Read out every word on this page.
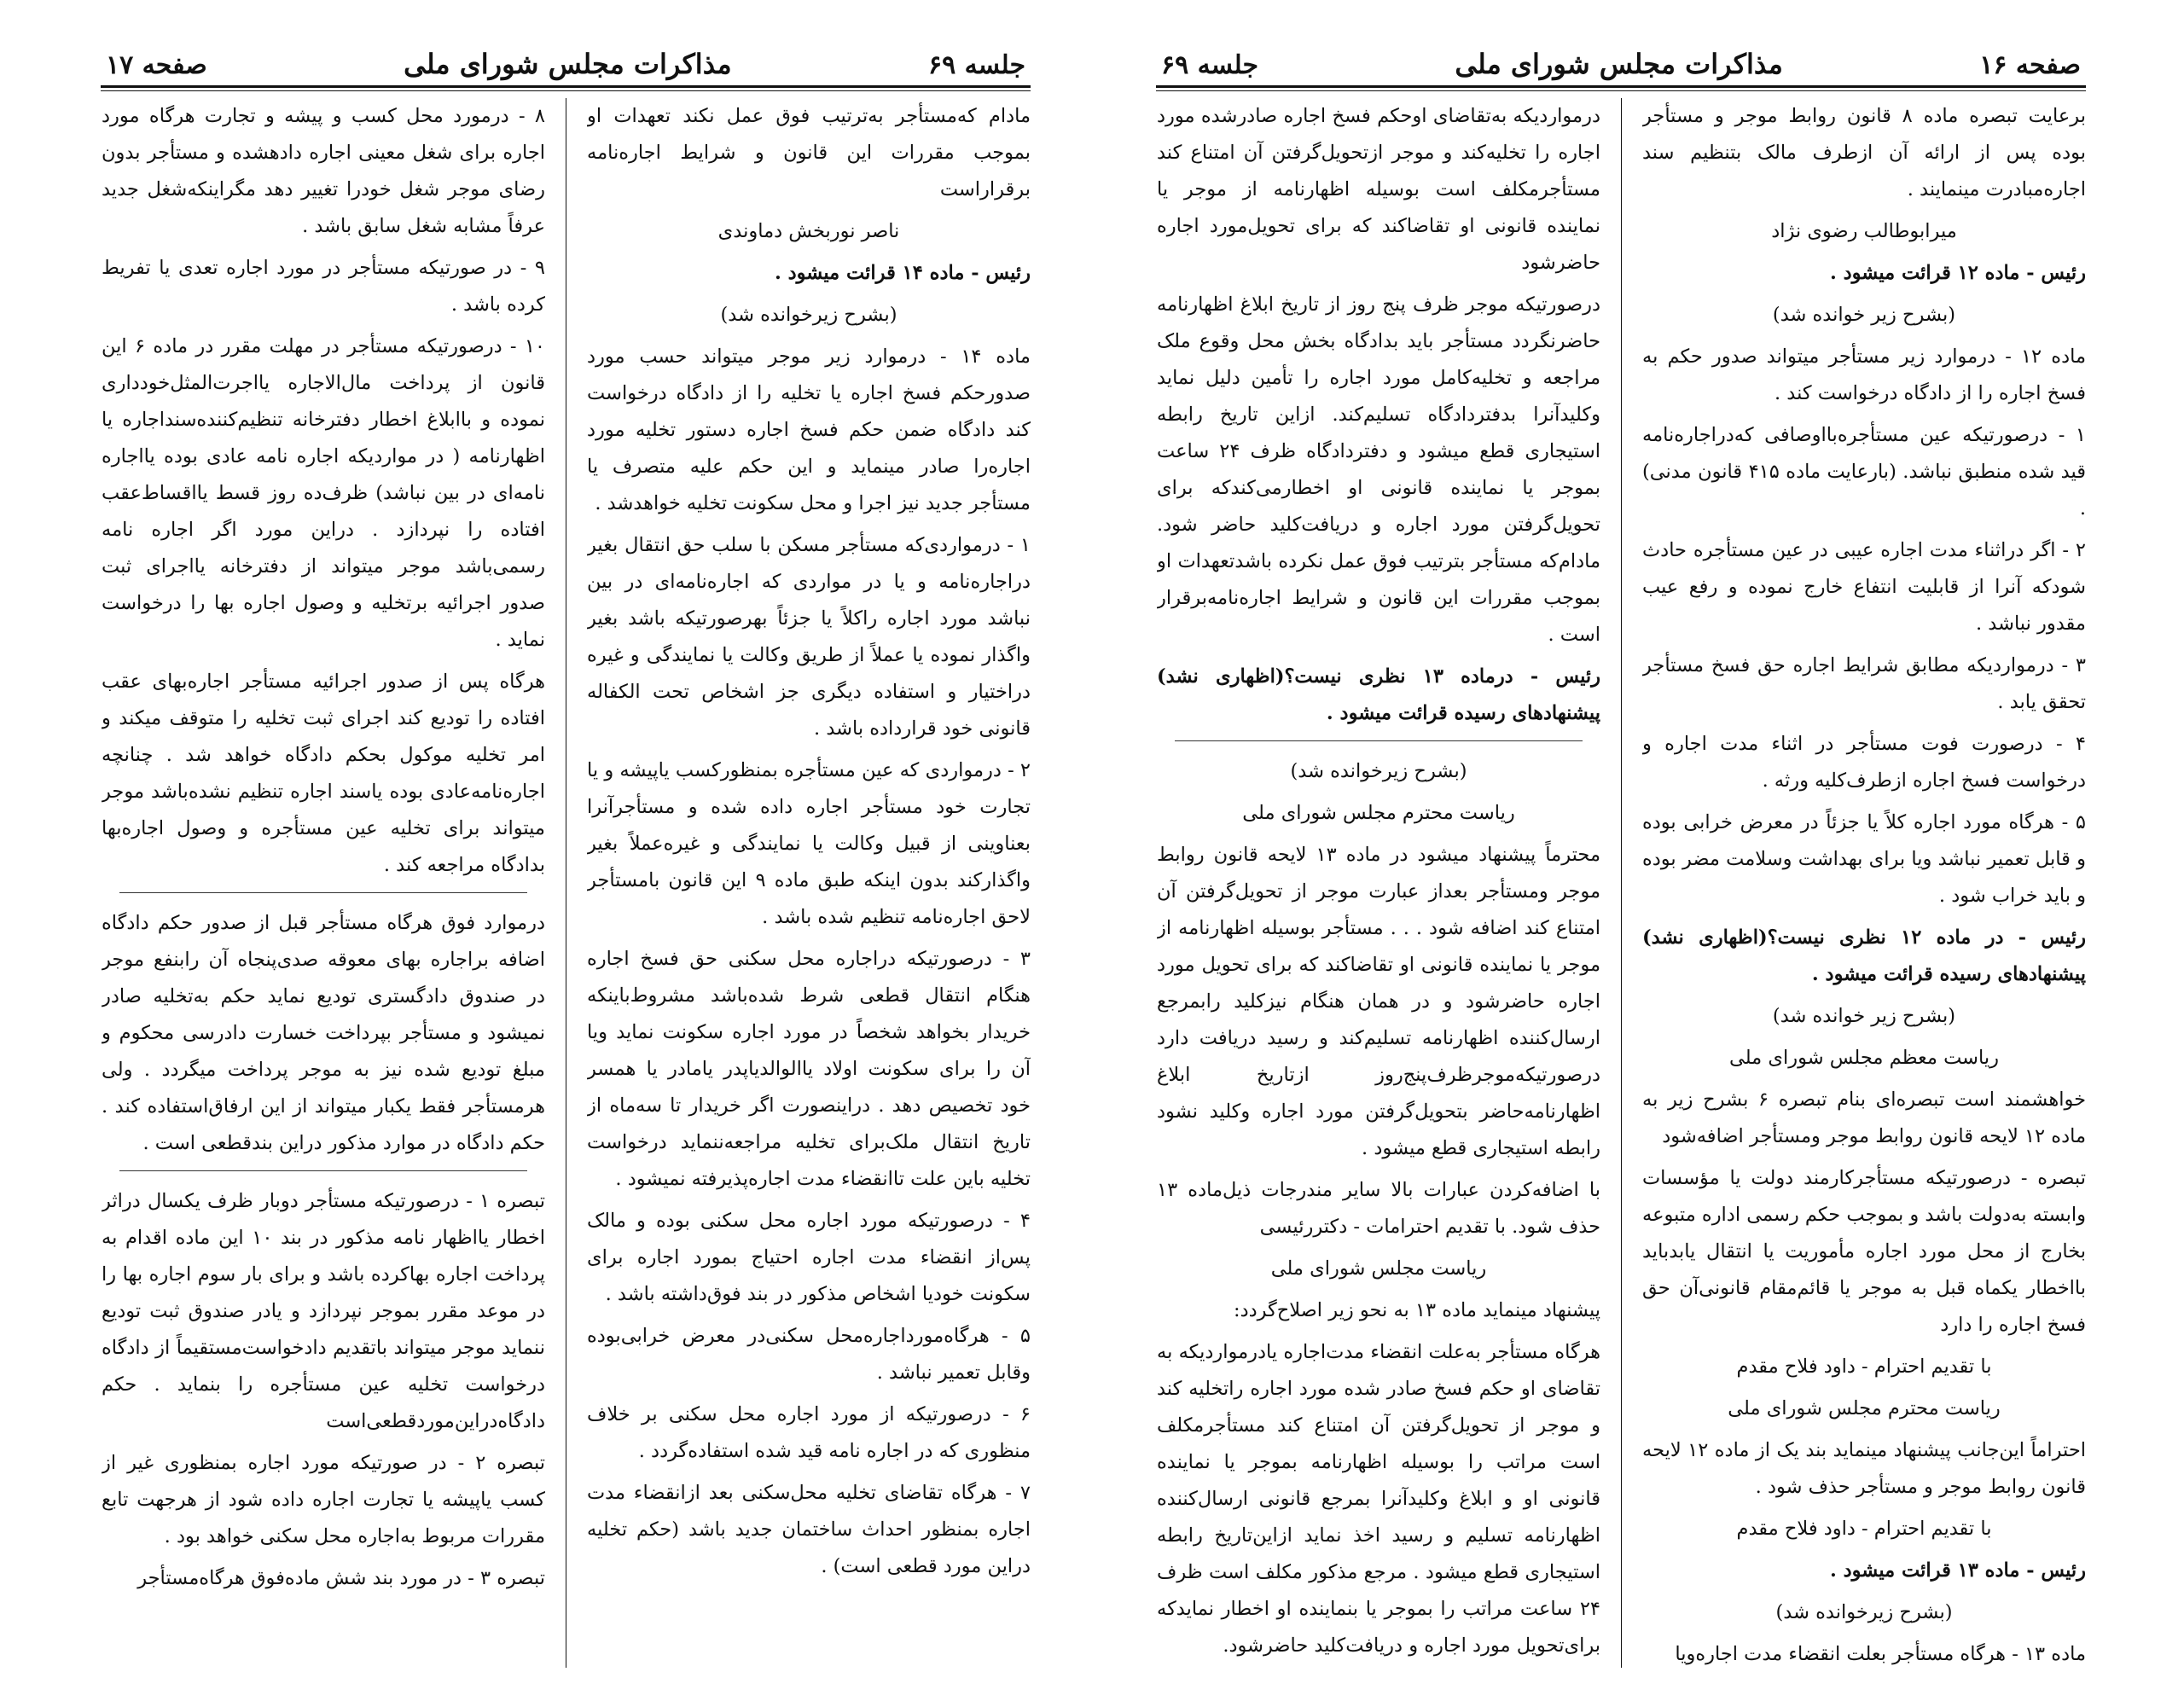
جلسه ۶۹
مذاکرات مجلس شورای ملی
صفحه ۱۷

مادام که‌مستأجر به‌ترتیب فوق عمل نکند تعهدات او بموجب مقررات این قانون و شرایط اجاره‌نامه برقراراست

ناصر نوربخش دماوندی

رئیس - ماده ۱۴ قرائت میشود .

(بشرح زیرخوانده شد)

ماده ۱۴ - درموارد زیر موجر میتواند حسب مورد صدورحکم فسخ اجاره یا تخلیه را از دادگاه درخواست کند دادگاه ضمن حکم فسخ اجاره دستور تخلیه مورد اجاره‌را صادر مینماید و این حکم علیه متصرف یا مستأجر جدید نیز اجرا و محل سکونت تخلیه خواهدشد .

۱ - درمواردی‌که مستأجر مسکن با سلب حق انتقال بغیر دراجاره‌نامه و یا در مواردی که اجاره‌نامه‌ای در بین نباشد مورد اجاره راکلاً یا جزئاً بهرصورتیکه باشد بغیر واگذار نموده یا عملاً از طریق وکالت یا نمایندگی و غیره دراختیار و استفاده دیگری جز اشخاص تحت الکفاله قانونی خود قرارداده باشد .

۲ - درمواردی که عین مستأجره بمنظورکسب یاپیشه و یا تجارت خود مستأجر اجاره داده شده و مستأجرآنرا بعناوینی از قبیل وکالت یا نمایندگی و غیره‌عملاً بغیر واگذارکند بدون اینکه طبق ماده ۹ این قانون بامستأجر لاحق اجاره‌نامه تنظیم شده باشد .

۳ - درصورتیکه دراجاره محل سکنی حق فسخ اجاره هنگام انتقال قطعی شرط شده‌باشد مشروط‌باینکه خریدار بخواهد شخصاً در مورد اجاره سکونت نماید ویا آن را برای سکونت اولاد یاالوالدیاپدر یامادر یا همسر خود تخصیص دهد . دراینصورت اگر خریدار تا سه‌ماه از تاریخ انتقال ملک‌برای تخلیه مراجعه‌ننماید درخواست تخلیه باین علت تاانقضاء مدت اجاره‌پذیرفته نمیشود .

۴ - درصورتیکه مورد اجاره محل سکنی بوده و مالک پس‌از انقضاء مدت اجاره احتیاج بمورد اجاره برای سکونت خودیا اشخاص مذکور در بند فوق‌داشته باشد .

۵ - هرگاه‌مورد‌اجاره‌محل سکنی‌در معرض خرابی‌بوده وقابل تعمیر نباشد .

۶ - درصورتیکه از مورد اجاره محل سکنی بر خلاف منظوری که در اجاره نامه قید شده استفاده‌گردد .

۷ - هرگاه تقاضای تخلیه محل‌سکنی بعد ازانقضاء مدت اجاره بمنظور احداث ساختمان جدید باشد (حکم تخلیه دراین مورد قطعی است) .

۸ - درمورد محل کسب و پیشه و تجارت هرگاه مورد اجاره برای شغل معینی اجاره دادهشده و مستأجر بدون رضای موجر شغل خودرا تغییر دهد مگراینکه‌شغل جدید عرفاً مشابه شغل سابق باشد .

۹ - در صورتیکه مستأجر در مورد اجاره تعدی یا تفریط کرده باشد .

۱۰ - درصورتیکه مستأجر در مهلت مقرر در ماده ۶ این قانون از پرداخت مال‌الاجاره یااجرت‌المثل‌خودداری نموده و باابلاغ اخطار دفترخانه تنظیم‌کننده‌سنداجاره یا اظهارنامه ( در مواردیکه اجاره نامه عادی بوده یااجاره نامه‌ای در بین نباشد) ظرف‌ده روز قسط یااقساط‌عقب افتاده را نپردازد . دراین مورد اگر اجاره نامه رسمی‌باشد موجر میتواند از دفترخانه یااجرای ثبت صدور اجرائیه برتخلیه و وصول اجاره بها را درخواست نماید .

هرگاه پس از صدور اجرائیه مستأجر اجاره‌بهای عقب افتاده را تودیع کند اجرای ثبت تخلیه را متوقف میکند و امر تخلیه موکول بحکم دادگاه خواهد شد . چنانچه اجاره‌نامه‌عادی بوده یاسند اجاره تنظیم نشده‌باشد موجر میتواند برای تخلیه عین مستأجره و وصول اجاره‌بها بدادگاه مراجعه کند .

درموارد فوق هرگاه مستأجر قبل از صدور حکم دادگاه اضافه براجاره بهای معوقه صدی‌پنجاه آن رابنفع موجر در صندوق دادگستری تودیع نماید حکم به‌تخلیه صادر نمیشود و مستأجر بپرداخت خسارت دادرسی محکوم و مبلغ تودیع شده نیز به موجر پرداخت میگردد . ولی هرمستأجر فقط یکبار میتواند از این ارفاق‌استفاده کند . حکم دادگاه در موارد مذکور دراین بندقطعی است .

تبصره ۱ - درصورتیکه مستأجر دوبار ظرف یکسال دراثر اخطار یااظهار نامه مذکور در بند ۱۰ این ماده اقدام به پرداخت اجاره بهاکرده باشد و برای بار سوم اجاره بها را در موعد مقرر بموجر نپردازد و یادر صندوق ثبت تودیع ننماید موجر میتواند باتقدیم دادخواست‌مستقیماً از دادگاه درخواست تخلیه عین مستأجره را بنماید . حکم دادگاه‌دراین‌مورد‌قطعی‌است

تبصره ۲ - در صورتیکه مورد اجاره بمنظوری غیر از کسب یاپیشه یا تجارت اجاره داده شود از هرجهت تابع مقررات مربوط به‌اجاره محل سکنی خواهد بود .

تبصره ۳ - در مورد بند شش ماده‌فوق هرگاه‌مستأجر

صفحه ۱۶
مذاکرات مجلس شورای ملی
جلسه ۶۹

برعایت تبصره ماده ۸ قانون روابط موجر و مستأجر بوده پس از ارائه آن ازطرف مالک بتنظیم سند اجاره‌مبادرت مینمایند .

میرابوطالب رضوی نژاد

رئیس - ماده ۱۲ قرائت میشود .

(بشرح زیر خوانده شد)

ماده ۱۲ - درموارد زیر مستأجر میتواند صدور حکم به فسخ اجاره را از دادگاه درخواست کند .

۱ - درصورتیکه عین مستأجره‌بااوصافی که‌دراجاره‌نامه قید شده منطبق نباشد. (بارعایت ماده ۴۱۵ قانون مدنی) .

۲ - اگر دراثناء مدت اجاره عیبی در عین مستأجره حادث شودکه آنرا از قابلیت انتفاع خارج نموده و رفع عیب مقدور نباشد .

۳ - درمواردیکه مطابق شرایط اجاره حق فسخ مستأجر تحقق یابد .

۴ - درصورت فوت مستأجر در اثناء مدت اجاره و درخواست فسخ اجاره ازطرف‌کلیه ورثه .

۵ - هرگاه مورد اجاره کلاً یا جزئاً در معرض خرابی بوده و قابل تعمیر نباشد ویا برای بهداشت وسلامت مضر بوده و باید خراب شود .

رئیس - در ماده ۱۲ نظری نیست؟(اظهاری نشد) پیشنهادهای رسیده قرائت میشود .

(بشرح زیر خوانده شد)

ریاست معظم مجلس شورای ملی

خواهشمند است تبصره‌ای بنام تبصره ۶ بشرح زیر به ماده ۱۲ لایحه قانون روابط موجر ومستأجر اضافه‌شود

تبصره - درصورتیکه مستأجرکارمند دولت یا مؤسسات وابسته به‌دولت باشد و بموجب حکم رسمی اداره متبوعه بخارج از محل مورد اجاره مأموریت یا انتقال یابدباید بااخطار یکماه قبل به موجر یا قائم‌مقام قانونی‌آن حق فسخ اجاره را دارد

با تقدیم احترام - داود فلاح مقدم

ریاست محترم مجلس شورای ملی

احتراماً این‌جانب پیشنهاد مینماید بند یک از ماده ۱۲ لایحه قانون روابط موجر و مستأجر حذف شود .

با تقدیم احترام - داود فلاح مقدم

رئیس - ماده ۱۳ قرائت میشود .

(بشرح زیرخوانده شد)

ماده ۱۳ - هرگاه مستأجر بعلت انقضاء مدت اجاره‌ویا

درمواردیکه به‌تقاضای اوحکم فسخ اجاره صادرشده مورد اجاره را تخلیه‌کند و موجر ازتحویل‌گرفتن آن امتناع کند مستأجرمکلف است بوسیله اظهارنامه از موجر یا نماینده قانونی او تقاضاکند که برای تحویل‌مورد اجاره حاضرشود

درصورتیکه موجر ظرف پنج روز از تاریخ ابلاغ اظهارنامه حاضرنگردد مستأجر باید بدادگاه بخش محل وقوع ملک مراجعه و تخلیه‌کامل مورد اجاره را تأمین دلیل نماید وکلیدآنرا بدفتردادگاه تسلیم‌کند. ازاین تاریخ رابطه استیجاری قطع میشود و دفتردادگاه ظرف ۲۴ ساعت بموجر یا نماینده قانونی او اخطارمی‌کندکه برای تحویل‌گرفتن مورد اجاره و دریافت‌کلید حاضر شود. مادام‌که مستأجر بترتیب فوق عمل نکرده باشدتعهدات او بموجب مقررات این قانون و شرایط اجاره‌نامه‌برقرار است .

رئیس - درماده ۱۳ نظری نیست؟(اظهاری نشد) پیشنهادهای رسیده قرائت میشود .

(بشرح زیرخوانده شد)

ریاست محترم مجلس شورای ملی

محترماً پیشنهاد میشود در ماده ۱۳ لایحه قانون روابط موجر ومستأجر بعداز عبارت موجر از تحویل‌گرفتن آن امتناع کند اضافه شود . . . مستأجر بوسیله اظهارنامه از موجر یا نماینده قانونی او تقاضاکند که برای تحویل مورد اجاره حاضرشود و در همان هنگام نیزکلید رابمرجع ارسال‌کننده اظهارنامه تسلیم‌کند و رسید دریافت دارد درصورتیکه‌موجرظرف‌پنج‌روز ازتاریخ ابلاغ اظهارنامه‌حاضر بتحویل‌گرفتن مورد اجاره وکلید نشود رابطه استیجاری قطع میشود .

با اضافه‌کردن عبارات بالا سایر مندرجات ذیل‌ماده ۱۳ حذف شود. با تقدیم احترامات - دکتررئیسی

ریاست مجلس شورای ملی

پیشنهاد مینماید ماده ۱۳ به نحو زیر اصلاح‌گردد:

هرگاه مستأجر به‌علت انقضاء مدت‌اجاره یادرمواردیکه به تقاضای او حکم فسخ صادر شده مورد اجاره راتخلیه کند و موجر از تحویل‌گرفتن آن امتناع کند مستأجرمکلف است مراتب را بوسیله اظهارنامه بموجر یا نماینده قانونی او و ابلاغ وکلیدآنرا بمرجع قانونی ارسال‌کننده اظهارنامه تسلیم و رسید اخذ نماید ازاین‌تاریخ رابطه استیجاری قطع میشود . مرجع مذکور مکلف است ظرف ۲۴ ساعت مراتب را بموجر یا بنماینده او اخطار نمایدکه برای‌تحویل مورد اجاره و دریافت‌کلید حاضرشود.
